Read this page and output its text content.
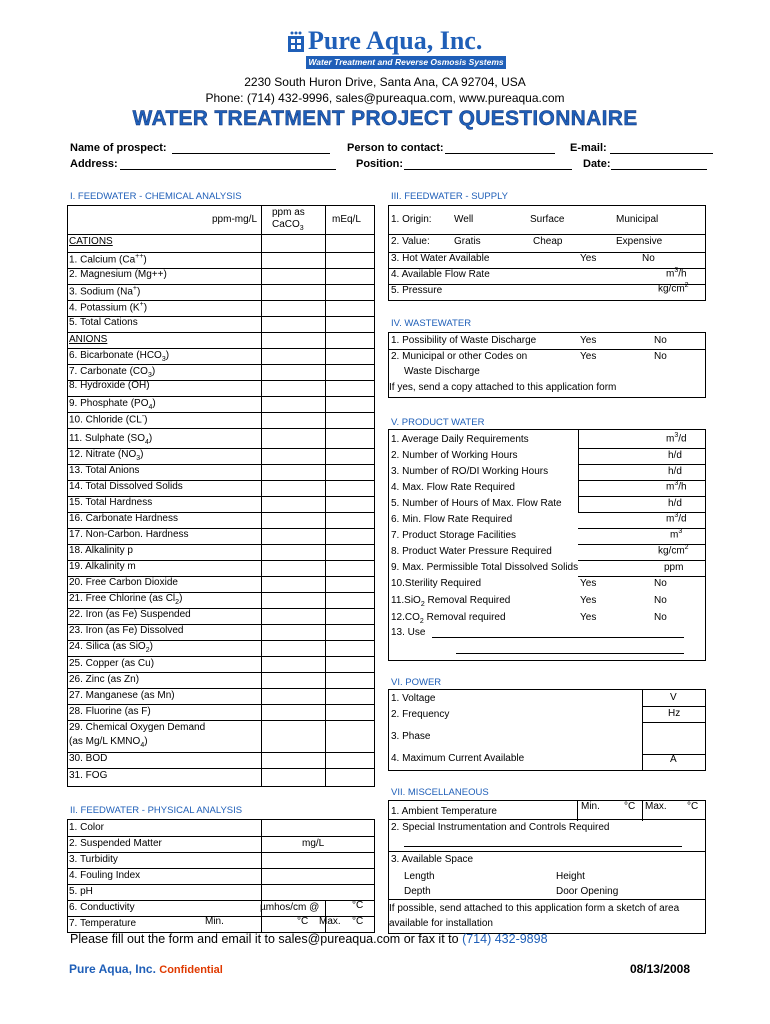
Pure Aqua, Inc.
Water Treatment and Reverse Osmosis Systems
2230 South Huron Drive, Santa Ana, CA 92704, USA
Phone: (714) 432-9996, sales@pureaqua.com, www.pureaqua.com
WATER TREATMENT PROJECT QUESTIONNAIRE
Name of prospect:	Person to contact:	E-mail:
Address:	Position:	Date:
I. FEEDWATER - CHEMICAL ANALYSIS
ppm-mg/L
ppm as
CaCO$_3$
mEq/L
CATIONS
1. Calcium (Ca++)
2. Magnesium (Mg++)
3. Sodium (Na+)
4. Potassium (K+)
5. Total Cations
ANIONS
6. Bicarbonate $(HCO_3)$
7. Carbonate $(CO_3)$
8. Hydroxide (OH)
9. Phosphate $(PO_4)$
10. Chloride (CL-)
11. Sulphate $(SO_4)$
12. Nitrate $(NO_3)$
13. Total Anions
14. Total Dissolved Solids
15. Total Hardness
16. Carbonate Hardness
17. Non-Carbon. Hardness
18. Alkalinity p
19. Alkalinity m
20. Free Carbon Dioxide
21. Free Chlorine (as $Cl_2$)
22. Iron (as Fe) Suspended
23. Iron (as Fe) Dissolved
24. Silica (as SiO$_2$)
25. Copper (as Cu)
26. Zinc (as Zn)
27. Manganese (as Mn)
28. Fluorine (as F)
29. Chemical Oxygen Demand
(as Mg/L $KMNO_4$)
30. BOD
31. FOG
II. FEEDWATER - PHYSICAL ANALYSIS
1. Color
2. Suspended Matter	mg/L
3. Turbidity
4. Fouling Index
5. pH
6. Conductivity	µmhos/cm @	°C
7. Temperature	Min.	°C Max. °C
III. FEEDWATER - SUPPLY
1. Origin: Well	Surface	Municipal
2. Value: Gratis	Cheap	Expensive
3. Hot Water Available	Yes	No
4. Available Flow Rate	$m^3/h$
5. Pressure	$kg/cm^2$
IV. WASTEWATER
1. Possibility of Waste Discharge	Yes	No
2. Municipal or other Codes on	Yes	No
Waste Discharge
If yes, send a copy attached to this application form
V. PRODUCT WATER
1. Average Daily Requirements	$m^3/d$
2. Number of Working Hours	h/d
3. Number of RO/DI Working Hours	h/d
4. Max. Flow Rate Required	$m^3/h$
5. Number of Hours of Max. Flow Rate	h/d
6. Min. Flow Rate Required	$m^3/d$
7. Product Storage Facilities	$m^3$
8. Product Water Pressure Required	$kg/cm^2$
9. Max. Permissible Total Dissolved Solids	ppm
10.Sterility Required	Yes	No
11.SiO$_2$ Removal Required	Yes	No
$12.CO_2$ Removal required	Yes	No
13. Use
VI. POWER
1. Voltage	V
2. Frequency	Hz
3. Phase
4. Maximum Current Available	A
VII. MISCELLANEOUS
1. Ambient Temperature	Min. °C Max. °C
2. Special Instrumentation and Controls Required
3. Available Space
Length	Height
Depth	Door Opening
If possible, send attached to this application form a sketch of area
available for installation
Please fill out the form and email it to sales@pureaqua.com or fax it to (714) 432-9898
Pure Aqua, Inc. Confidential	08/13/2008
